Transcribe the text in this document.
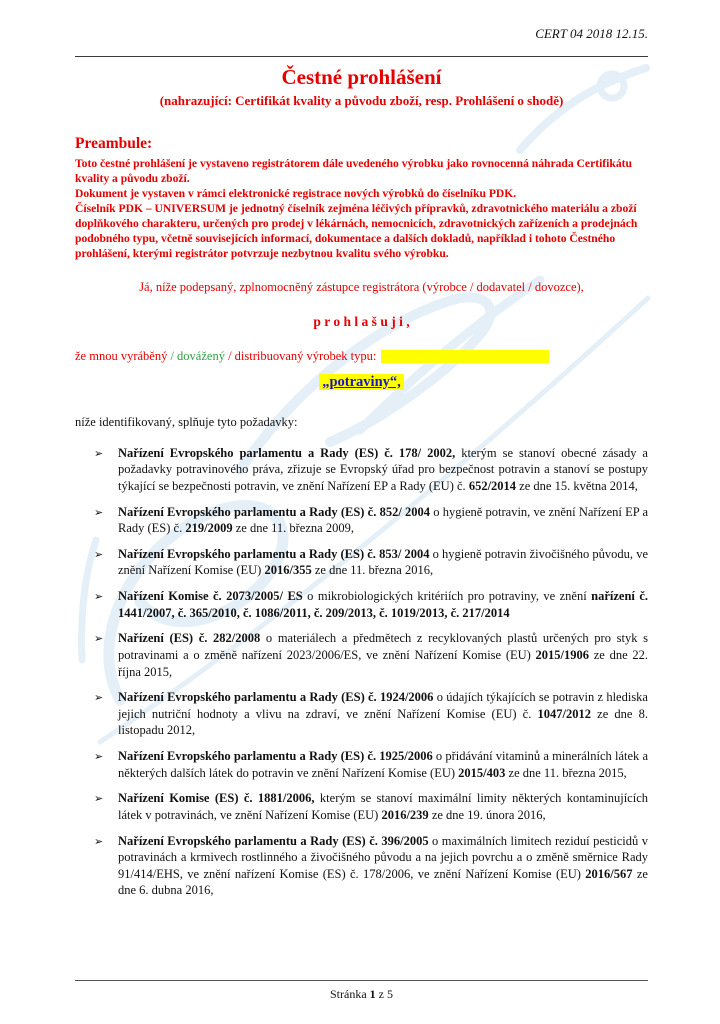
CERT 04 2018 12.15.
Čestné prohlášení
(nahrazující: Certifikát kvality a původu zboží, resp. Prohlášení o shodě)
Preambule:

Toto čestné prohlášení je vystaveno registrátorem dále uvedeného výrobku jako rovnocenná náhrada Certifikátu kvality a původu zboží.

Dokument je vystaven v rámci elektronické registrace nových výrobků do číselníku PDK.

Číselník PDK – UNIVERSUM je jednotný číselník zejména léčivých přípravků, zdravotnického materiálu a zboží doplňkového charakteru, určených pro prodej v lékárnách, nemocnicích, zdravotnických zařízeních a prodejnách podobného typu, včetně souvisejících informací, dokumentace a dalších dokladů, například i tohoto Čestného prohlášení, kterými registrátor potvrzuje nezbytnou kvalitu svého výrobku.

Já, níže podepsaný, zplnomocněný zástupce registrátora (výrobce / dodavatel / dovozce),

p r o h l a š u j i ,

že mnou vyráběný / dovážený / distribuovaný výrobek typu:

„potraviny“,

níže identifikovaný, splňuje tyto požadavky:

➢	Nařízení Evropského parlamentu a Rady (ES) č. 178/ 2002, kterým se stanoví obecné zásady a požadavky potravinového práva, zřizuje se Evropský úřad pro bezpečnost potravin a stanoví se postupy týkající se bezpečnosti potravin, ve znění Nařízení EP a Rady (EU) č. 652/2014 ze dne 15. května 2014,

➢	Nařízení Evropského parlamentu a Rady (ES) č. 852/ 2004 o hygieně potravin, ve znění Nařízení EP a Rady (ES) č. 219/2009 ze dne 11. března 2009,

➢	Nařízení Evropského parlamentu a Rady (ES) č. 853/ 2004 o hygieně potravin živočišného původu, ve znění Nařízení Komise (EU) 2016/355 ze dne 11. března 2016,

➢	Nařízení Komise č. 2073/2005/ ES o mikrobiologických kritériích pro potraviny, ve znění nařízení č. 1441/2007, č. 365/2010, č. 1086/2011, č. 209/2013, č. 1019/2013, č. 217/2014

➢	Nařízení (ES) č. 282/2008 o materiálech a předmětech z recyklovaných plastů určených pro styk s potravinami a o změně nařízení 2023/2006/ES, ve znění Nařízení Komise (EU) 2015/1906 ze dne 22. října 2015,

➢	Nařízení Evropského parlamentu a Rady (ES) č. 1924/2006 o údajích týkajících se potravin z hlediska jejich nutriční hodnoty a vlivu na zdraví, ve znění Nařízení Komise (EU) č. 1047/2012 ze dne 8. listopadu 2012,

➢	Nařízení Evropského parlamentu a Rady (ES) č. 1925/2006 o přidávání vitaminů a minerálních látek a některých dalších látek do potravin ve znění Nařízení Komise (EU) 2015/403 ze dne 11. března 2015,

➢	Nařízení Komise (ES) č. 1881/2006, kterým se stanoví maximální limity některých kontaminujících látek v potravinách, ve znění Nařízení Komise (EU) 2016/239 ze dne 19. února 2016,

➢	Nařízení Evropského parlamentu a Rady (ES) č. 396/2005 o maximálních limitech reziduí pesticidů v potravinách a krmivech rostlinného a živočišného původu a na jejich povrchu a o změně směrnice Rady 91/414/EHS, ve znění nařízení Komise (ES) č. 178/2006, ve znění Nařízení Komise (EU) 2016/567 ze dne 6. dubna 2016,

Stránka 1 z 5
